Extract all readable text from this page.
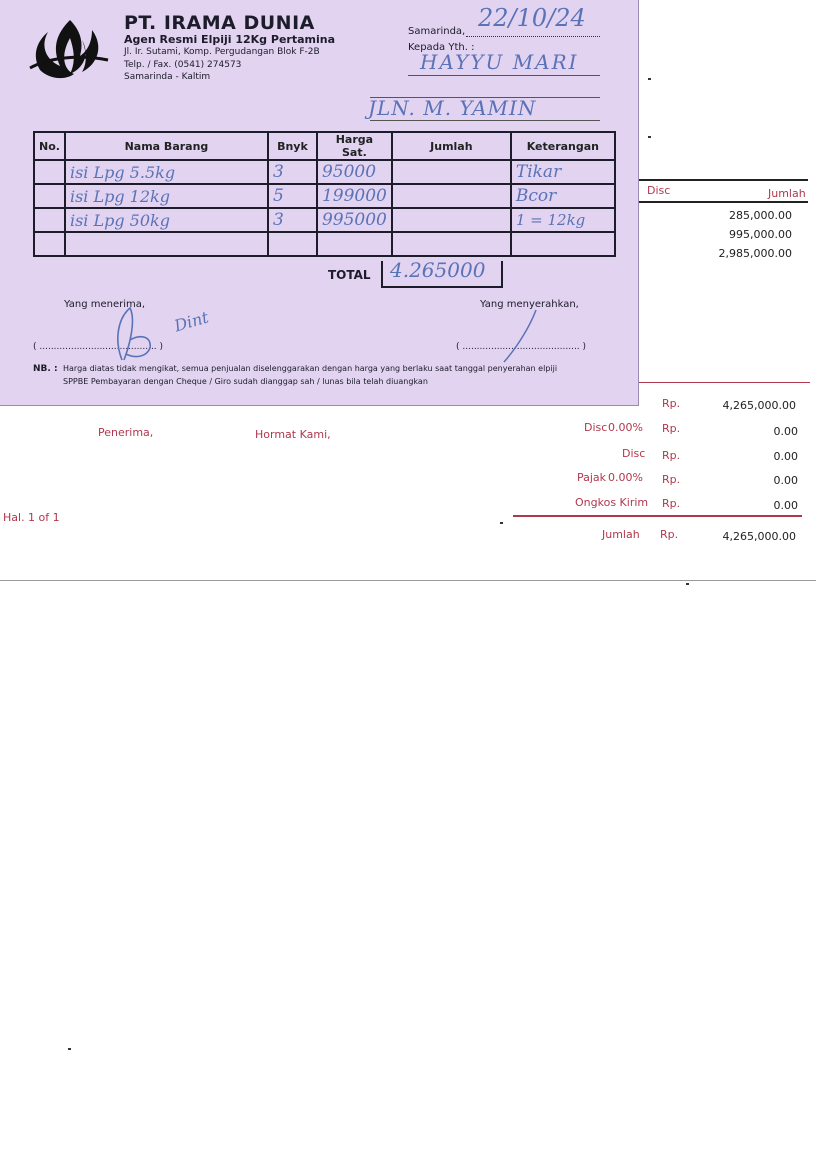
Disc	Jumlah
285,000.00
995,000.00
2,985,000.00
Penerima,	Hormat Kami,
Hal. 1 of 1
Rp.	4,265,000.00
Disc 0.00% Rp.	0.00
Disc Rp.	0.00
Pajak 0.00% Rp.	0.00
Ongkos Kirim Rp.	0.00
Jumlah Rp.	4,265,000.00
PT. IRAMA DUNIA
Agen Resmi Elpiji 12Kg Pertamina
Jl. Ir. Sutami, Komp. Pergudangan Blok F-2B
Telp. / Fax. (0541) 274573
Samarinda - Kaltim
Samarinda, 22/10/24
Kepada Yth. :
HAYYU MARI
JLN. M. YAMIN
No.	Nama Barang	Bnyk	Harga Sat.	Jumlah	Keterangan
	isi Lpg 5.5kg	3	95000		Tikar
	isi Lpg 12kg	5	199000		Bcor
	isi Lpg 50kg	3	995000		1 = 12kg

TOTAL 4.265000
Yang menerima,	Yang menyerahkan,
( ......................................... )	( ......................................... )
Dint
NB. : Harga diatas tidak mengikat, semua penjualan diselenggarakan dengan harga yang berlaku saat tanggal penyerahan elpiji
SPPBE Pembayaran dengan Cheque / Giro sudah dianggap sah / lunas bila telah diuangkan
